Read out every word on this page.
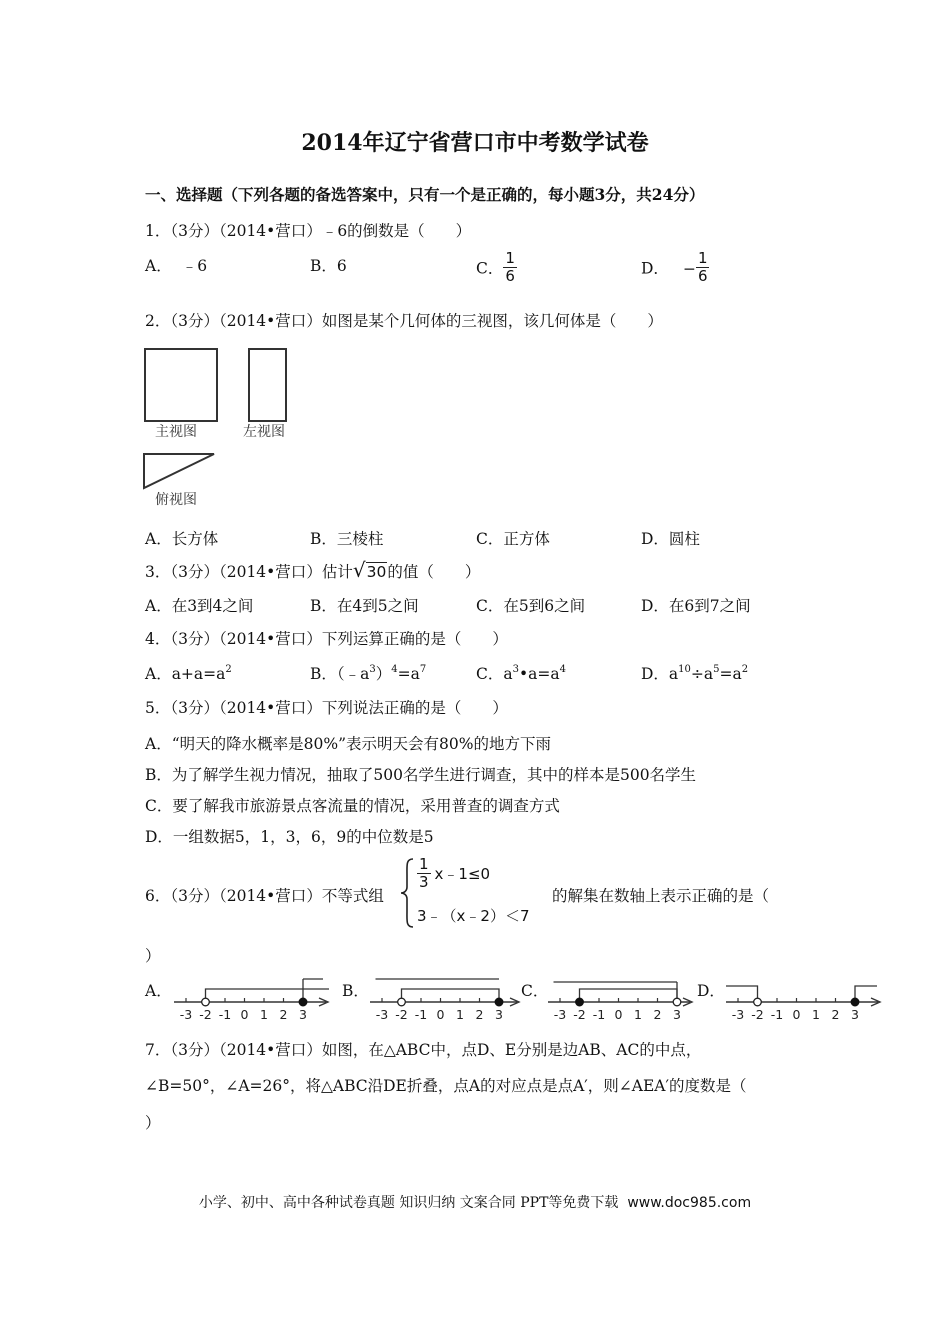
2014年辽宁省营口市中考数学试卷
一、选择题（下列各题的备选答案中，只有一个是正确的，每小题3分，共24分）
1．（3分）（2014•营口）﹣6的倒数是（　　）
A． ﹣6	B．6	C． $\frac{1}{6}$	D． − $\frac{1}{6}$
2．（3分）（2014•营口）如图是某个几何体的三视图，该几何体是（　　）
主视图	左视图
俯视图
A．长方体	B．三棱柱	C．正方体	D．圆柱
3．（3分）（2014•营口）估计√30的值（　　）
A．在3到4之间	B．在4到5之间	C．在5到6之间	D．在6到7之间
4．（3分）（2014•营口）下列运算正确的是（　　）
A．$a+a=a^2$	B．$(﹣a^3)^4=a^7$	C．$a^3•a=a^4$	D．$a^{10}\div a^5=a^2$
5．（3分）（2014•营口）下列说法正确的是（　　）
A．“明天的降水概率是80%”表示明天会有80%的地方下雨
B．为了解学生视力情况，抽取了500名学生进行调查，其中的样本是500名学生
C．要了解我市旅游景点客流量的情况，采用普查的调查方式
D．一组数据5，1，3，6，9的中位数是5
6．（3分）（2014•营口）不等式组
$\frac{1}{3}$ x﹣1≤0
3﹣（x﹣2）＜7
的解集在数轴上表示正确的是（
）
A．
-3 -2 -1 0 1 2 3
B．
-3 -2 -1 0 1 2 3
C．
-3 -2 -1 0 1 2 3
D．
-3 -2 -1 0 1 2 3
7．（3分）（2014•营口）如图，在△ABC中，点D、E分别是边AB、AC的中点，
∠B=50°，∠A=26°，将△ABC沿DE折叠，点A的对应点是点A′，则∠AEA′的度数是（
）
小学、初中、高中各种试卷真题 知识归纳 文案合同 PPT等免费下载 www.doc985.com
